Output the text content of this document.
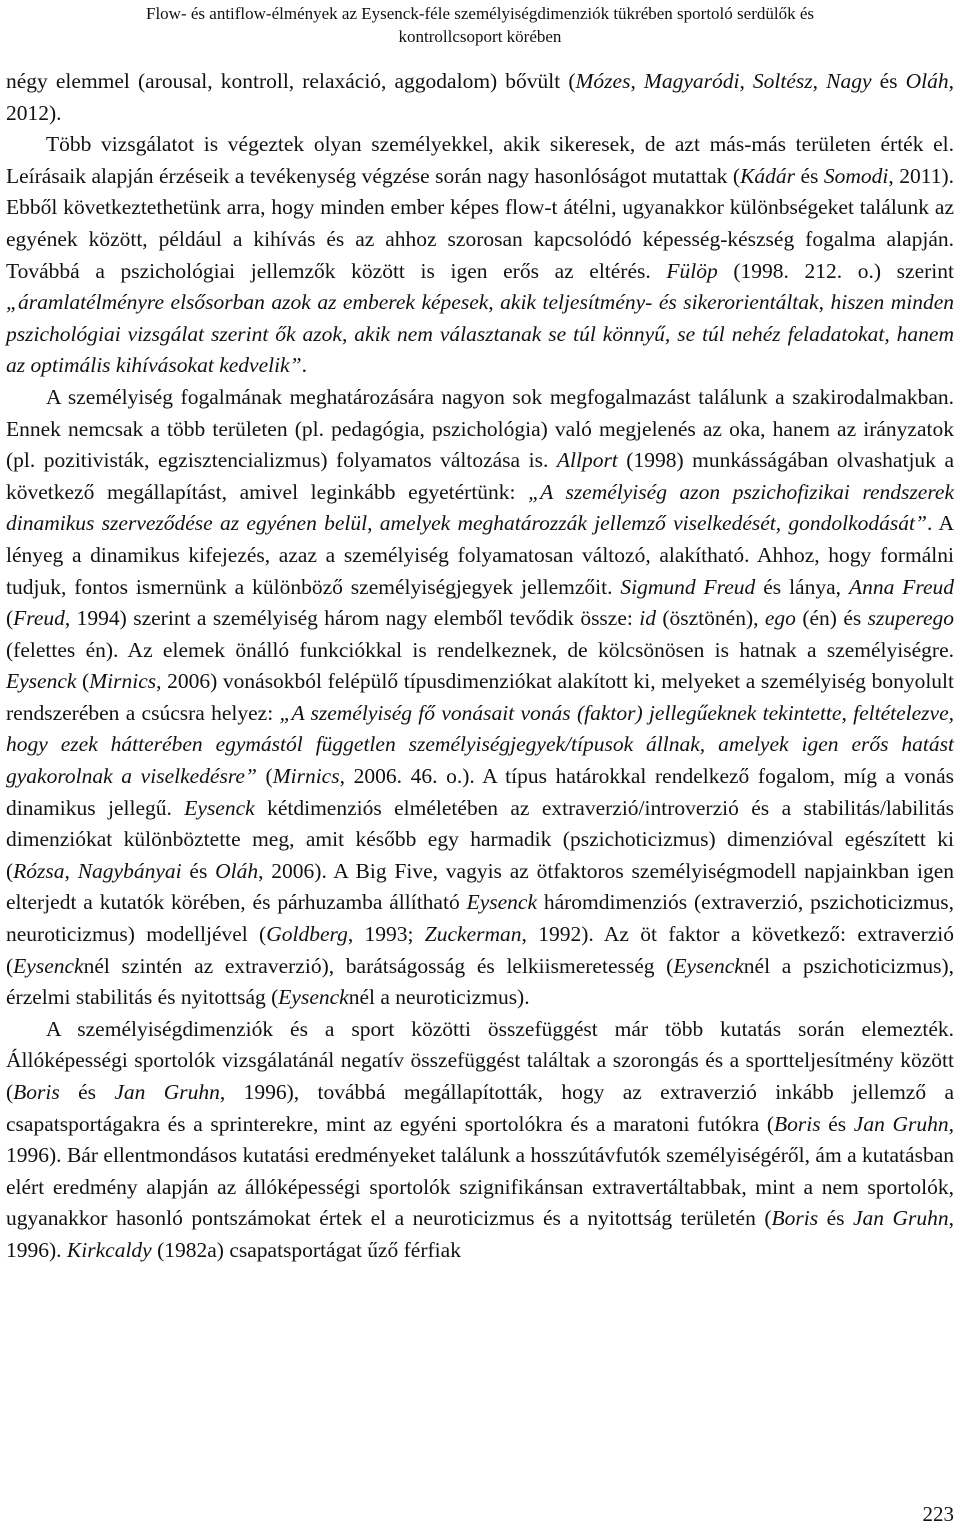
Flow- és antiflow-élmények az Eysenck-féle személyiségdimenziók tükrében sportoló serdülők és
kontrollcsoport körében

négy elemmel (arousal, kontroll, relaxáció, aggodalom) bővült (Mózes, Magyaródi, Soltész, Nagy és Oláh, 2012).

Több vizsgálatot is végeztek olyan személyekkel, akik sikeresek, de azt más-más területen érték el. Leírásaik alapján érzéseik a tevékenység végzése során nagy hasonlóságot mutattak (Kádár és Somodi, 2011). Ebből következtethetünk arra, hogy minden ember képes flow-t átélni, ugyanakkor különbségeket találunk az egyének között, például a kihívás és az ahhoz szorosan kapcsolódó képesség-készség fogalma alapján. Továbbá a pszichológiai jellemzők között is igen erős az eltérés. Fülöp (1998. 212. o.) szerint „áramlatélményre elsősorban azok az emberek képesek, akik teljesítmény- és sikerorientáltak, hiszen minden pszichológiai vizsgálat szerint ők azok, akik nem választanak se túl könnyű, se túl nehéz feladatokat, hanem az optimális kihívásokat kedvelik”.

A személyiség fogalmának meghatározására nagyon sok megfogalmazást találunk a szakirodalmakban. Ennek nemcsak a több területen (pl. pedagógia, pszichológia) való megjelenés az oka, hanem az irányzatok (pl. pozitivisták, egzisztencializmus) folyamatos változása is. Allport (1998) munkásságában olvashatjuk a következő megállapítást, amivel leginkább egyetértünk: „A személyiség azon pszichofizikai rendszerek dinamikus szerveződése az egyénen belül, amelyek meghatározzák jellemző viselkedését, gondolkodását”. A lényeg a dinamikus kifejezés, azaz a személyiség folyamatosan változó, alakítható. Ahhoz, hogy formálni tudjuk, fontos ismernünk a különböző személyiségjegyek jellemzőit. Sigmund Freud és lánya, Anna Freud (Freud, 1994) szerint a személyiség három nagy elemből tevődik össze: id (ösztönén), ego (én) és szuperego (felettes én). Az elemek önálló funkciókkal is rendelkeznek, de kölcsönösen is hatnak a személyiségre. Eysenck (Mirnics, 2006) vonásokból felépülő típusdimenziókat alakított ki, melyeket a személyiség bonyolult rendszerében a csúcsra helyez: „A személyiség fő vonásait vonás (faktor) jellegűeknek tekintette, feltételezve, hogy ezek hátterében egymástól független személyiségjegyek/típusok állnak, amelyek igen erős hatást gyakorolnak a viselkedésre” (Mirnics, 2006. 46. o.). A típus határokkal rendelkező fogalom, míg a vonás dinamikus jellegű. Eysenck kétdimenziós elméletében az extraverzió/introverzió és a stabilitás/labilitás dimenziókat különböztette meg, amit később egy harmadik (pszichoticizmus) dimenzióval egészített ki (Rózsa, Nagybányai és Oláh, 2006). A Big Five, vagyis az ötfaktoros személyiségmodell napjainkban igen elterjedt a kutatók körében, és párhuzamba állítható Eysenck háromdimenziós (extraverzió, pszichoticizmus, neuroticizmus) modelljével (Goldberg, 1993; Zuckerman, 1992). Az öt faktor a következő: extraverzió (Eysencknél szintén az extraverzió), barátságosság és lelkiismeretesség (Eysencknél a pszichoticizmus), érzelmi stabilitás és nyitottság (Eysencknél a neuroticizmus).

A személyiségdimenziók és a sport közötti összefüggést már több kutatás során elemezték. Állóképességi sportolók vizsgálatánál negatív összefüggést találtak a szorongás és a sportteljesítmény között (Boris és Jan Gruhn, 1996), továbbá megállapították, hogy az extraverzió inkább jellemző a csapatsportágakra és a sprinterekre, mint az egyéni sportolókra és a maratoni futókra (Boris és Jan Gruhn, 1996). Bár ellentmondásos kutatási eredményeket találunk a hosszútávfutók személyiségéről, ám a kutatásban elért eredmény alapján az állóképességi sportolók szignifikánsan extravertáltabbak, mint a nem sportolók, ugyanakkor hasonló pontszámokat értek el a neuroticizmus és a nyitottság területén (Boris és Jan Gruhn, 1996). Kirkcaldy (1982a) csapatsportágat űző férfiak

223
